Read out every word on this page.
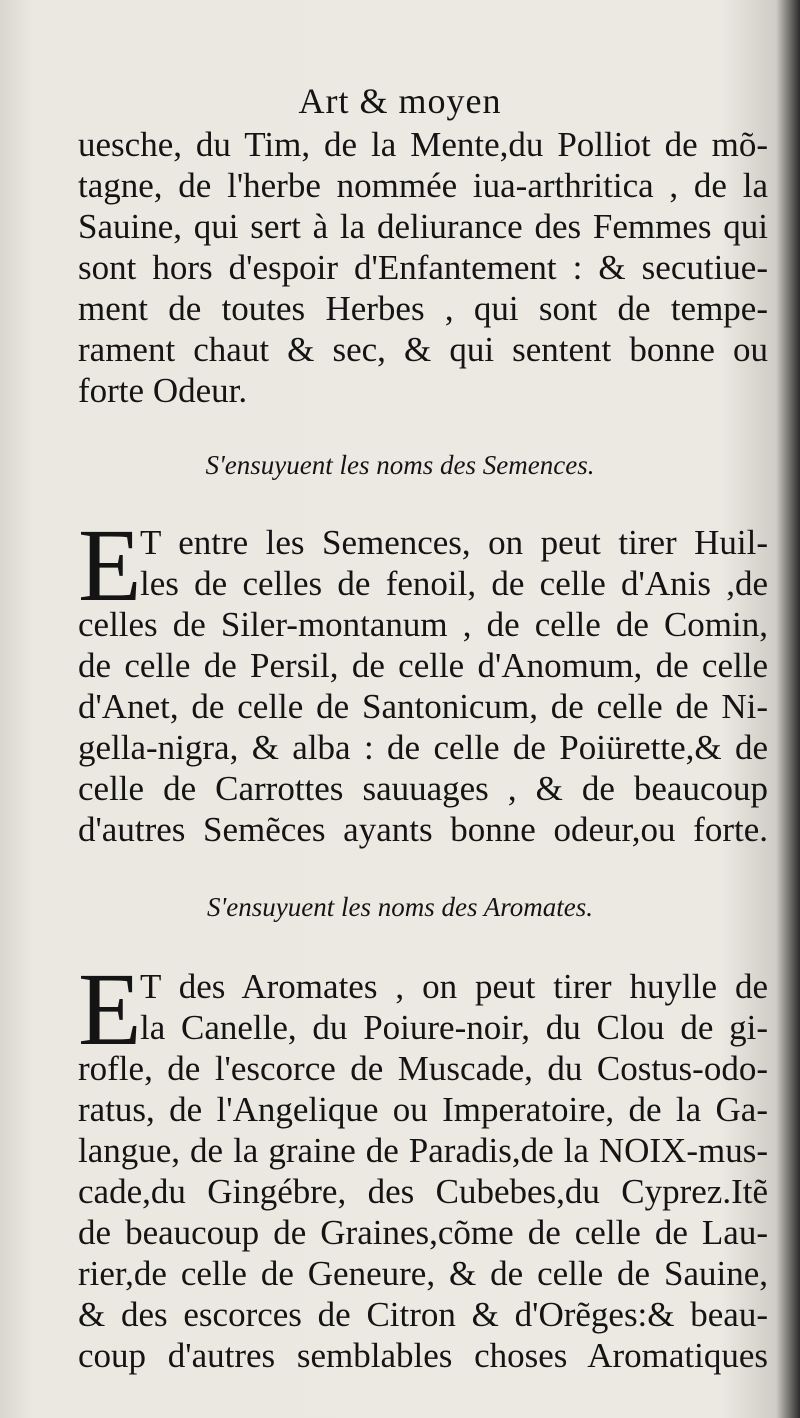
Art & moyen
uesche, du Tim, de la Mente,du Polliot de mõ-
tagne, de l'herbe nommée iua-arthritica , de la
Sauine, qui sert à la deliurance des Femmes qui
sont hors d'espoir d'Enfantement : & secutiue-
ment de toutes Herbes , qui sont de tempe-
rament chaut & sec, & qui sentent bonne ou
forte Odeur.
S'ensuyuent les noms des Semences.
E
T entre les Semences, on peut tirer Huil-
les de celles de fenoil, de celle d'Anis ,de
celles de Siler-montanum , de celle de Comin,
de celle de Persil, de celle d'Anomum, de celle
d'Anet, de celle de Santonicum, de celle de Ni-
gella-nigra, & alba : de celle de Poiürette,& de
celle de Carrottes sauuages , & de beaucoup
d'autres Semẽces ayants bonne odeur,ou forte.
S'ensuyuent les noms des Aromates.
E
T des Aromates , on peut tirer huylle de
la Canelle, du Poiure-noir, du Clou de gi-
rofle, de l'escorce de Muscade, du Costus-odo-
ratus, de l'Angelique ou Imperatoire, de la Ga-
langue, de la graine de Paradis,de la NOIX-mus-
cade,du Gingébre, des Cubebes,du Cyprez.Itẽ
de beaucoup de Graines,cõme de celle de Lau-
rier,de celle de Geneure, & de celle de Sauine,
& des escorces de Citron & d'Orẽges:& beau-
coup d'autres semblables choses Aromatiques
